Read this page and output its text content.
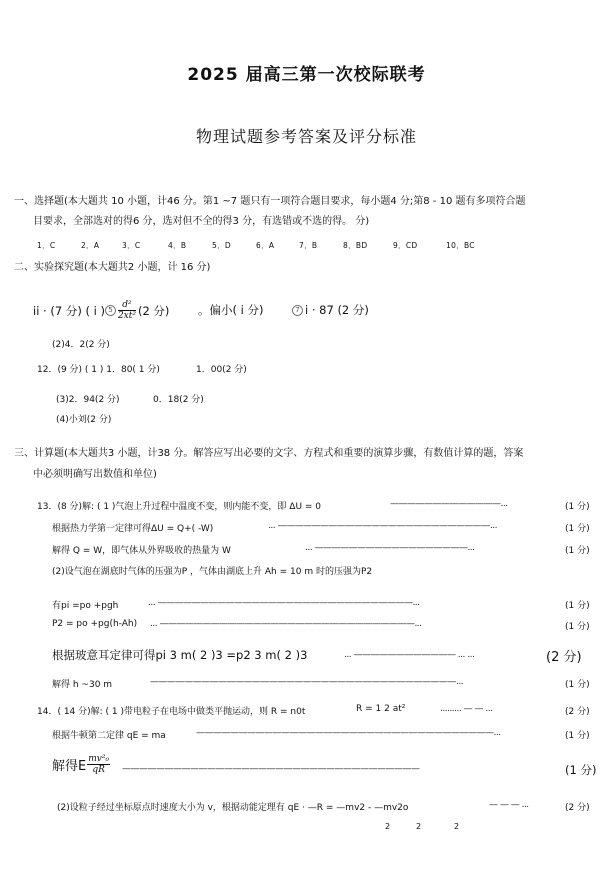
2025 届高三第一次校际联考
物理试题参考答案及评分标准
一、选择题(本大题共 10 小题，计46 分。第1 ~7 题只有一项符合题目要求，每小题4 分;第8 - 10 题有多项符合题
目要求，全部选对的得6 分，选对但不全的得3 分，有选错或不选的得。 分)
1．C	2．A	3．C	4．B	5．D	6．A	7．B	8．BD	9．CD	10．BC
二、实验探究题(本大题共2 小题，计 16 分)
ii · (7 分) ( i ) $5 \frac{\text{d²}}{\text{2xt²}} (2$ 分) 。偏小( i 分)	7 i · 87 (2 分)
(2)4．2(2 分)
12．(9 分) ( 1 ) 1．80( 1 分)	1．00(2 分)
(3)2．94(2 分)	0．18(2 分)
(4)小刘(2 分)
三、计算题(本大题共3 小题，计38 分。解答应写出必要的文字、方程式和重要的演算步骤，有数值计算的题，答案
中必须明确写出数值和单位)
13．(8 分)解: ( 1 )气泡上升过程中温度不变，则内能不变，即 ΔU = 0	—————————————...	(1 分)
根据热力学第一定律可得ΔU = Q+( -W)	... —————————————————————————...	(1 分)
解得 Q = W，即气体从外界吸收的热量为 W	... ——————————————————...	(1 分)
(2)设气泡在湖底时气体的压强为P ，气体由湖底上升 Ah = 10 m 时的压强为P2
有pi =po +pgh	... ——————————————————————————————...	(1 分)
P2 = po +pg(h-Ah) ... ——————————————————————————————...	(1 分)
根据玻意耳定律可得pi 3 m( 2 )3 =p2 3 m( 2 )3	... ———————————— ... ...	(2 分)
解得 h ~30 m	————————————————————————————————————...	(1 分)
14．( 14 分)解: ( 1 )带电粒子在电场中做类平抛运动，则 R = n0t	R = 1 2 at²	......... — — ...	(2 分)
根据牛顿第二定律 qE = ma	———————————————————————————————————...	(1 分)
解得E $\frac{\text{mv²₀}}{qR}$ ———————————————————————————————————	(1 分)
(2)设粒子经过坐标原点时速度大小为 v，根据动能定理有 qE · —R = —mv2 - —mv2o	— — — ...	(2 分)
2	2	2
